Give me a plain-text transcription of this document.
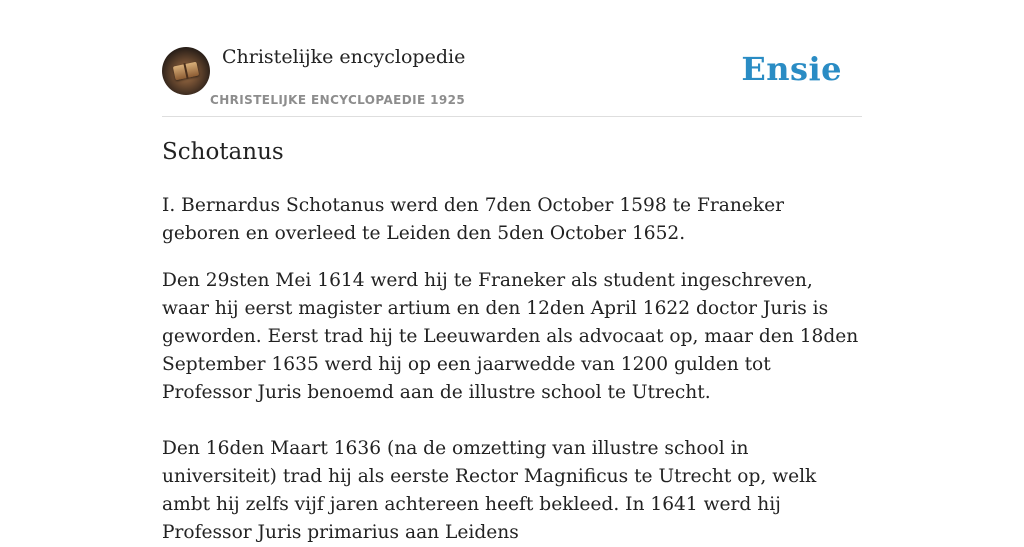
Christelijke encyclopedie
CHRISTELIJKE ENCYCLOPAEDIE 1925
Ensie
Schotanus

I. Bernardus Schotanus werd den 7den October 1598 te Franeker geboren en overleed te Leiden den 5den October 1652.

Den 29sten Mei 1614 werd hij te Franeker als student ingeschreven, waar hij eerst magister artium en den 12den April 1622 doctor Juris is geworden. Eerst trad hij te Leeuwarden als advocaat op, maar den 18den September 1635 werd hij op een jaarwedde van 1200 gulden tot Professor Juris benoemd aan de illustre school te Utrecht.

Den 16den Maart 1636 (na de omzetting van illustre school in universiteit) trad hij als eerste Rector Magnificus te Utrecht op, welk ambt hij zelfs vijf jaren achtereen heeft bekleed. In 1641 werd hij Professor Juris primarius aan Leidens
